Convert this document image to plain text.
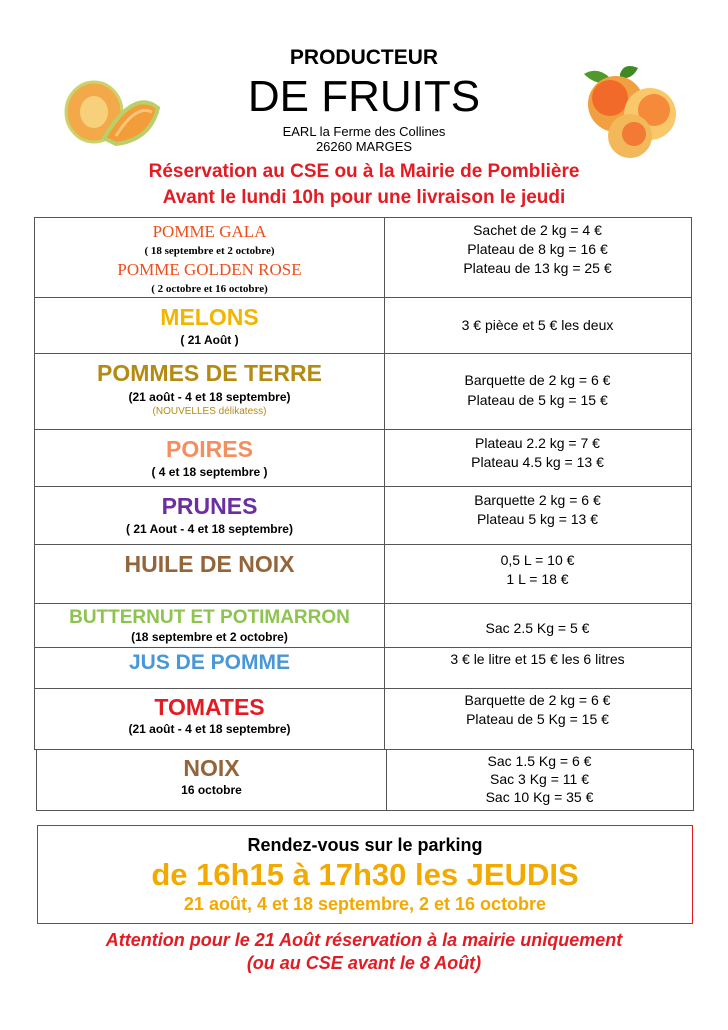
PRODUCTEUR
DE FRUITS
EARL la Ferme des Collines
26260 MARGES
Réservation au CSE ou à la Mairie de Pomblière
Avant le lundi 10h pour une livraison le jeudi
POMME GALA
( 18 septembre et 2 octobre)
POMME GOLDEN ROSE
( 2 octobre et 16 octobre)
Sachet de 2 kg = 4 €
Plateau de 8 kg = 16 €
Plateau de 13 kg = 25 €
MELONS
( 21 Août )
3 € pièce et 5 € les deux
POMMES DE TERRE
(21 août - 4 et 18 septembre)
(NOUVELLES délikatess)
Barquette de 2 kg = 6 €
Plateau de 5 kg = 15 €
POIRES
( 4 et 18 septembre )
Plateau 2.2 kg = 7 €
Plateau 4.5 kg = 13 €
PRUNES
( 21 Aout - 4 et 18 septembre)
Barquette 2 kg = 6 €
Plateau 5 kg = 13 €
HUILE DE NOIX	0,5 L = 10 €
1 L = 18 €
BUTTERNUT ET POTIMARRON
(18 septembre et 2 octobre)
Sac 2.5 Kg = 5 €
JUS DE POMME	3 € le litre et 15 € les 6 litres
TOMATES
(21 août - 4 et 18 septembre)
Barquette de 2 kg = 6 €
Plateau de 5 Kg = 15 €
NOIX
16 octobre
Sac 1.5 Kg = 6 €
Sac 3 Kg = 11 €
Sac 10 Kg = 35 €
Rendez-vous sur le parking
de 16h15 à 17h30 les JEUDIS
21 août, 4 et 18 septembre, 2 et 16 octobre
Attention pour le 21 Août réservation à la mairie uniquement
(ou au CSE avant le 8 Août)
